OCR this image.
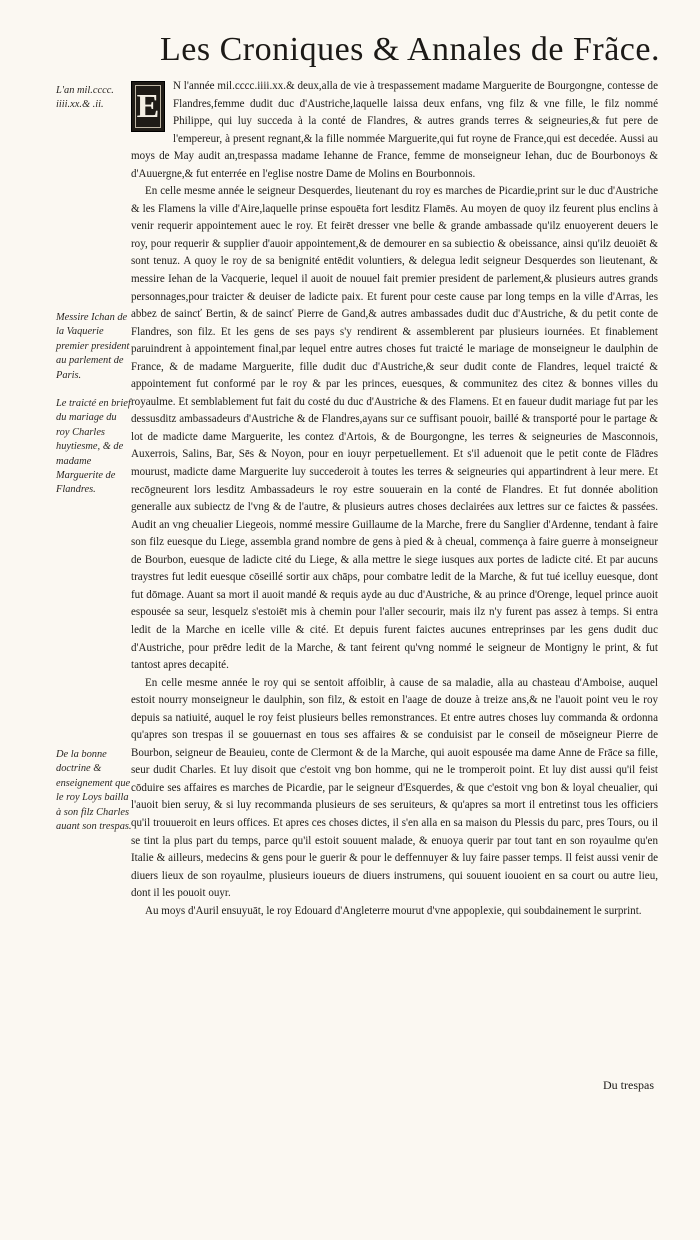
Les Croniques & Annales de Frãce.
L'an mil.cccc. iiii.xx.& .ii.
Messire Ichan de la Vaquerie premier president au parlement de Paris.
Le traicté en brief du mariage du roy Charles huytiesme, & de madame Marguerite de Flandres.
De la bonne doctrine & enseignement que le roy Loys bailla à son filz Charles auant son trespas.

E
N l'année mil.cccc.iiii.xx.& deux,alla de vie à trespassement madame Marguerite de Bourgongne, contesse de Flandres,femme dudit duc d'Austriche,laquelle laissa deux enfans, vng filz & vne fille, le filz nommé Philippe, qui luy succeda à la conté de Flandres, & autres grands terres & seigneuries,& fut pere de l'empereur, à present regnant,& la fille nommée Marguerite,qui fut royne de France,qui est decedée. Aussi au moys de May audit an,trespassa madame Iehanne de France, femme de monseigneur Iehan, duc de Bourbonoys & d'Auuergne,& fut enterrée en l'eglise nostre Dame de Molins en Bourbonnois.

En celle mesme année le seigneur Desquerdes, lieutenant du roy es marches de Picardie,print sur le duc d'Austriche & les Flamens la ville d'Aire,laquelle prinse espouēta fort lesditz Flamēs. Au moyen de quoy ilz feurent plus enclins à venir requerir appointement auec le roy. Et feirēt dresser vne belle & grande ambassade qu'ilz enuoyerent deuers le roy, pour requerir & supplier d'auoir appointement,& de demourer en sa subiectio & obeissance, ainsi qu'ilz deuoiēt & sont tenuz. A quoy le roy de sa benignité entēdit voluntiers, & delegua ledit seigneur Desquerdes son lieutenant, & messire Iehan de la Vacquerie, lequel il auoit de nouuel fait premier president de parlement,& plusieurs autres grands personnages,pour traicter & deuiser de ladicte paix. Et furent pour ceste cause par long temps en la ville d'Arras, les abbez de saincť Bertin, & de saincť Pierre de Gand,& autres ambassades dudit duc d'Austriche, & du petit conte de Flandres, son filz. Et les gens de ses pays s'y rendirent & assemblerent par plusieurs iournées. Et finablement paruindrent à appointement final,par lequel entre autres choses fut traicté le mariage de monseigneur le daulphin de France, & de madame Marguerite, fille dudit duc d'Austriche,& seur dudit conte de Flandres, lequel traicté & appointement fut conformé par le roy & par les princes, euesques, & communitez des citez & bonnes villes du royaulme. Et semblablement fut fait du costé du duc d'Austriche & des Flamens. Et en faueur dudit mariage fut par les dessusditz ambassadeurs d'Austriche & de Flandres,ayans sur ce suffisant pouoir, baillé & transporté pour le partage & lot de madicte dame Marguerite, les contez d'Artois, & de Bourgongne, les terres & seigneuries de Masconnois, Auxerrois, Salins, Bar, Sēs & Noyon, pour en iouyr perpetuellement. Et s'il aduenoit que le petit conte de Flādres mourust, madicte dame Marguerite luy succederoit à toutes les terres & seigneuries qui appartindrent à leur mere. Et recōgneurent lors lesditz Ambassadeurs le roy estre souuerain en la conté de Flandres. Et fut donnée abolition generalle aux subiectz de l'vng & de l'autre, & plusieurs autres choses declairées aux lettres sur ce faictes & passées. Audit an vng cheualier Liegeois, nommé messire Guillaume de la Marche, frere du Sanglier d'Ardenne, tendant à faire son filz euesque du Liege, assembla grand nombre de gens à pied & à cheual, commença à faire guerre à monseigneur de Bourbon, euesque de ladicte cité du Liege, & alla mettre le siege iusques aux portes de ladicte cité. Et par aucuns traystres fut ledit euesque cōseillé sortir aux chāps, pour combatre ledit de la Marche, & fut tué icelluy euesque, dont fut dōmage. Auant sa mort il auoit mandé & requis ayde au duc d'Austriche, & au prince d'Orenge, lequel prince auoit espousée sa seur, lesquelz s'estoiēt mis à chemin pour l'aller secourir, mais ilz n'y furent pas assez à temps. Si entra ledit de la Marche en icelle ville & cité. Et depuis furent faictes aucunes entreprinses par les gens dudit duc d'Austriche, pour prēdre ledit de la Marche, & tant feirent qu'vng nommé le seigneur de Montigny le print, & fut tantost apres decapité.

En celle mesme année le roy qui se sentoit affoiblir, à cause de sa maladie, alla au chasteau d'Amboise, auquel estoit nourry monseigneur le daulphin, son filz, & estoit en l'aage de douze à treize ans,& ne l'auoit point veu le roy depuis sa natiuité, auquel le roy feist plusieurs belles remonstrances. Et entre autres choses luy commanda & ordonna qu'apres son trespas il se gouuernast en tous ses affaires & se conduisist par le conseil de mōseigneur Pierre de Bourbon, seigneur de Beauieu, conte de Clermont & de la Marche, qui auoit espousée ma dame Anne de Frāce sa fille, seur dudit Charles. Et luy disoit que c'estoit vng bon homme, qui ne le tromperoit point. Et luy dist aussi qu'il feist cōduire ses affaires es marches de Picardie, par le seigneur d'Esquerdes, & que c'estoit vng bon & loyal cheualier, qui l'auoit bien seruy, & si luy recommanda plusieurs de ses seruiteurs, & qu'apres sa mort il entretinst tous les officiers qu'il trouueroit en leurs offices. Et apres ces choses dictes, il s'en alla en sa maison du Plessis du parc, pres Tours, ou il se tint la plus part du temps, parce qu'il estoit souuent malade, & enuoya querir par tout tant en son royaulme qu'en Italie & ailleurs, medecins & gens pour le guerir & pour le deffennuyer & luy faire passer temps. Il feist aussi venir de diuers lieux de son royaulme, plusieurs ioueurs de diuers instrumens, qui souuent iouoient en sa court ou autre lieu, dont il les pouoit ouyr.

Au moys d'Auril ensuyuāt, le roy Edouard d'Angleterre mourut d'vne appoplexie, qui soubdainement le surprint.

Du trespas
